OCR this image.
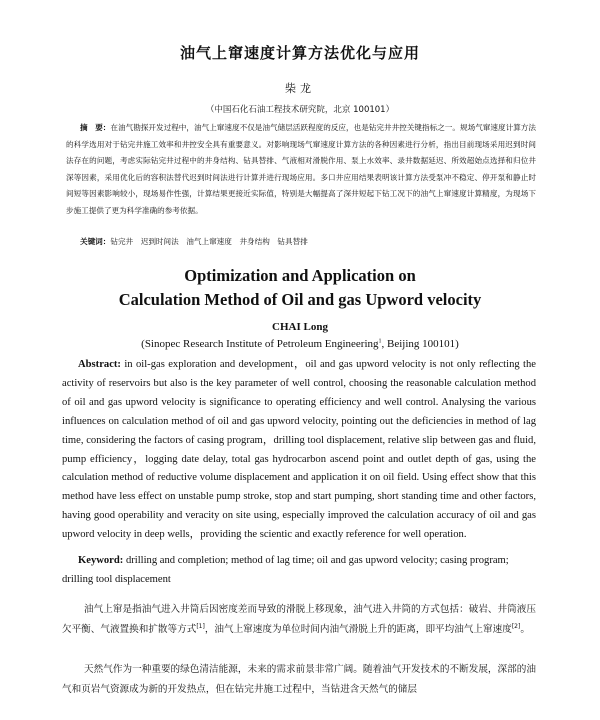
油气上窜速度计算方法优化与应用
柴龙
（中国石化石油工程技术研究院，北京 100101）

摘　要：在油气勘探开发过程中，油气上窜速度不仅是油气储层活跃程度的反应，也是钻完井井控关键指标之一。规场气窜速度计算方法的科学选用对于钻完井施工效率和井控安全具有重要意义。对影响现场气窜速度计算方法的各种因素进行分析，指出目前现场采用迟到时间法存在的问题，考虑实际钻完井过程中的井身结构、钻具替排、气液相对滑脱作用、泵上水效率、录井数据延迟、所效超始点选择和归位井深等因素，采用优化后的容积法替代迟到时间法进行计算并进行现场应用。多口井应用结果表明该计算方法受泵冲不稳定、停开泵和静止时间短等因素影响较小，现场易作性强，计算结果更接近实际值，特别是大幅提高了深井短起下钻工况下的油气上窜速度计算精度，为现场下步施工提供了更为科学准确的参考依据。

关键词：钻完井　迟到时间法　油气上窜速度　井身结构　钻具替排

Optimization and Application on
Calculation Method of Oil and gas Upword velocity

CHAI Long

(Sinopec Research Institute of Petroleum Engineering$^1$, Beijing 100101)

Abstract: in oil-gas exploration and development，oil and gas upword velocity is not only reflecting the activity of reservoirs but also is the key parameter of well control, choosing the reasonable calculation method of oil and gas upword velocity is significance to operating efficiency and well control. Analysing the various influences on calculation method of oil and gas upword velocity, pointing out the deficiencies in method of lag time, considering the factors of casing program，drilling tool displacement, relative slip between gas and fluid, pump efficiency，logging date delay, total gas hydrocarbon ascend point and outlet depth of gas, using the calculation method of reductive volume displacement and application it on oil field. Using effect show that this method have less effect on unstable pump stroke, stop and start pumping, short standing time and other factors, having good operability and veracity on site using, especially improved the calculation accuracy of oil and gas upword velocity in deep wells，providing the scientic and exactly reference for well operation.

Keyword: drilling and completion; method of lag time; oil and gas upword velocity; casing program; drilling tool displacement

油气上窜是指油气进入井筒后因密度差而导致的滑脱上移现象，油气进入井筒的方式包括：破岩、井筒液压欠平衡、气液置换和扩散等方式[1]，油气上窜速度为单位时间内油气滑脱上升的距离，即平均油气上窜速度[2]。

天然气作为一种重要的绿色清洁能源，未来的需求前景非常广阔。随着油气开发技术的不断发展，深部的油气和页岩气资源成为新的开发热点，但在钻完井施工过程中，当钻进含天然气的储层
